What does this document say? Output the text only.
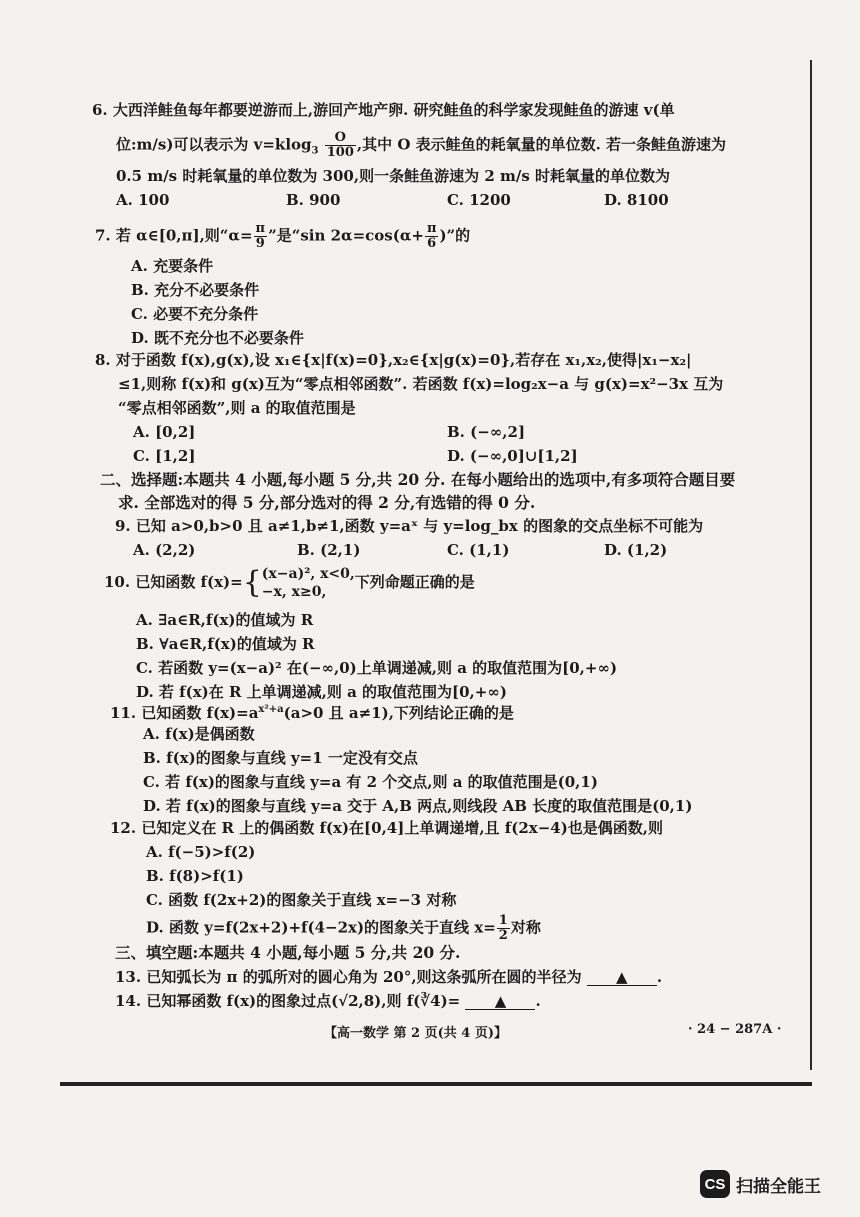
6. 大西洋鲑鱼每年都要逆游而上,游回产地产卵. 研究鲑鱼的科学家发现鲑鱼的游速 v(单
位:m/s)可以表示为 $v=klog_3 \frac{O}{100}$ ,其中 O 表示鲑鱼的耗氧量的单位数. 若一条鲑鱼游速为
0.5 m/s 时耗氧量的单位数为 300,则一条鲑鱼游速为 2 m/s 时耗氧量的单位数为
A. 100	B. 900	C. 1200	D. 8100
7. 若 α∈[0,π],则“$\alpha= \frac{\pi}{9}$ ”是“sin $2\alpha=\cos(\alpha+ \frac{\pi}{6}$ )”的
A. 充要条件
B. 充分不必要条件
C. 必要不充分条件
D. 既不充分也不必要条件
8. 对于函数 f(x),g(x),设 x₁∈{x|f(x)=0},x₂∈{x|g(x)=0},若存在 x₁,x₂,使得|x₁−x₂|
≤1,则称 f(x)和 g(x)互为“零点相邻函数”. 若函数 f(x)=log₂x−a 与 g(x)=x²−3x 互为
“零点相邻函数”,则 a 的取值范围是
A. [0,2]	B. (−∞,2]
C. [1,2]	D. (−∞,0]∪[1,2]
二、选择题:本题共 4 小题,每小题 5 分,共 20 分. 在每小题给出的选项中,有多项符合题目要
求. 全部选对的得 5 分,部分选对的得 2 分,有选错的得 0 分.
9. 已知 a>0,b>0 且 a≠1,b≠1,函数 y=aˣ 与 y=log_bx 的图象的交点坐标不可能为
A. (2,2)	B. (2,1)	C. (1,1)	D. (1,2)
10. 已知函数 f(x)={ (x−a)², x<0,
−x, x≥0,
下列命题正确的是
A. ∃a∈R,f(x)的值域为 R
B. ∀a∈R,f(x)的值域为 R
C. 若函数 y=(x−a)² 在(−∞,0)上单调递减,则 a 的取值范围为[0,+∞)
D. 若 f(x)在 R 上单调递减,则 a 的取值范围为[0,+∞)
11. 已知函数 $f(x)=a^{x^2+a}(a>0$ 且 a≠1),下列结论正确的是
A. f(x)是偶函数
B. f(x)的图象与直线 y=1 一定没有交点
C. 若 f(x)的图象与直线 y=a 有 2 个交点,则 a 的取值范围是(0,1)
D. 若 f(x)的图象与直线 y=a 交于 A,B 两点,则线段 AB 长度的取值范围是(0,1)
12. 已知定义在 R 上的偶函数 f(x)在[0,4]上单调递增,且 f(2x−4)也是偶函数,则
A. f(−5)>f(2)
B. f(8)>f(1)
C. 函数 f(2x+2)的图象关于直线 x=−3 对称
D. 函数 y=f(2x+2)+f(4−2x)的图象关于直线 $x= \frac{1}{2}$ 对称
三、填空题:本题共 4 小题,每小题 5 分,共 20 分.
13. 已知弧长为 π 的弧所对的圆心角为 20°,则这条弧所在圆的半径为 ▲ .
14. 已知幂函数 f(x)的图象过点(√2,8),则 f(∛4)= ▲ .
【高一数学 第 2 页(共 4 页)】	· 24 − 287A ·
CS 扫描全能王
